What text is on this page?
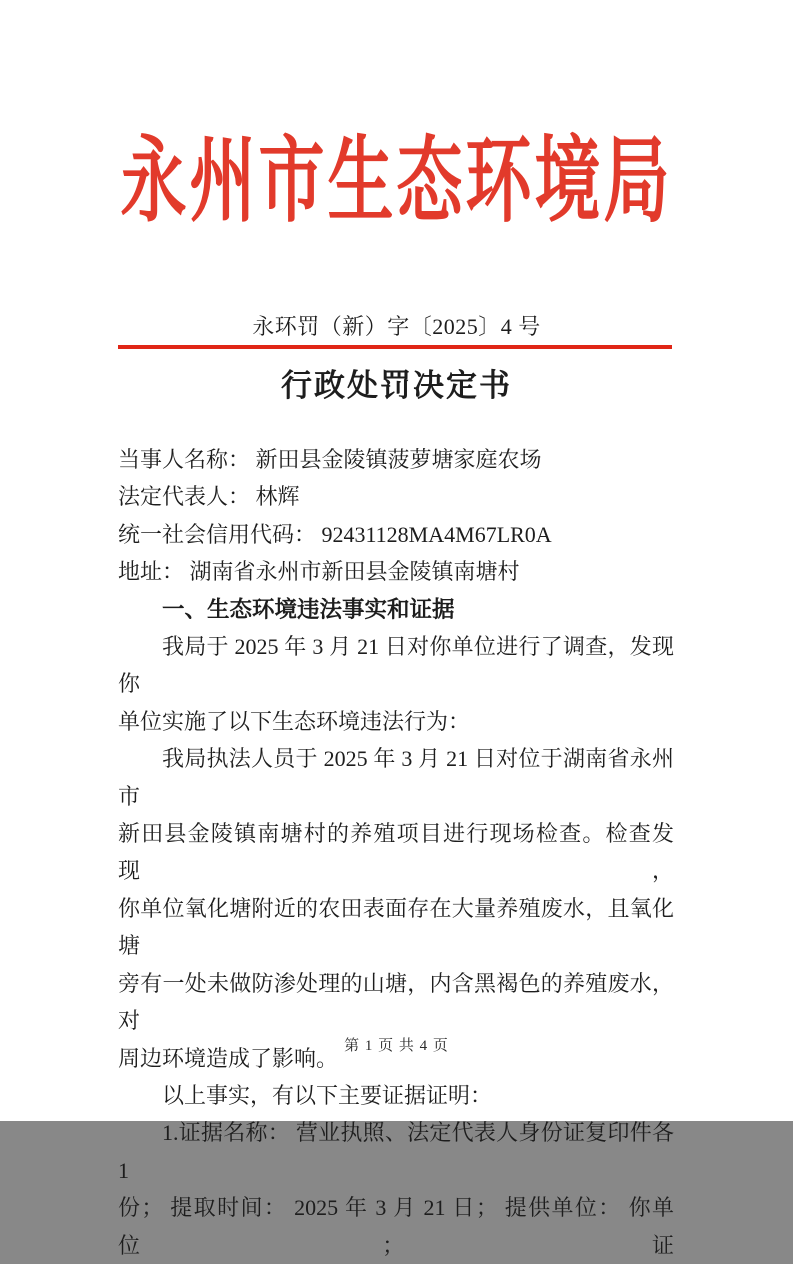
永州市生态环境局
永环罚（新）字〔2025〕4 号
行政处罚决定书
当事人名称： 新田县金陵镇菠萝塘家庭农场
法定代表人： 林辉
统一社会信用代码： 92431128MA4M67LR0A
地址： 湖南省永州市新田县金陵镇南塘村
一、生态环境违法事实和证据
我局于 2025 年 3 月 21 日对你单位进行了调查，发现你
单位实施了以下生态环境违法行为：
我局执法人员于 2025 年 3 月 21 日对位于湖南省永州市
新田县金陵镇南塘村的养殖项目进行现场检查。检查发现，
你单位氧化塘附近的农田表面存在大量养殖废水，且氧化塘
旁有一处未做防渗处理的山塘，内含黑褐色的养殖废水，对
周边环境造成了影响。
以上事实，有以下主要证据证明：
1.证据名称： 营业执照、法定代表人身份证复印件各 1
份； 提取时间： 2025 年 3 月 21 日； 提供单位： 你单位； 证
第 1 页 共 4 页
